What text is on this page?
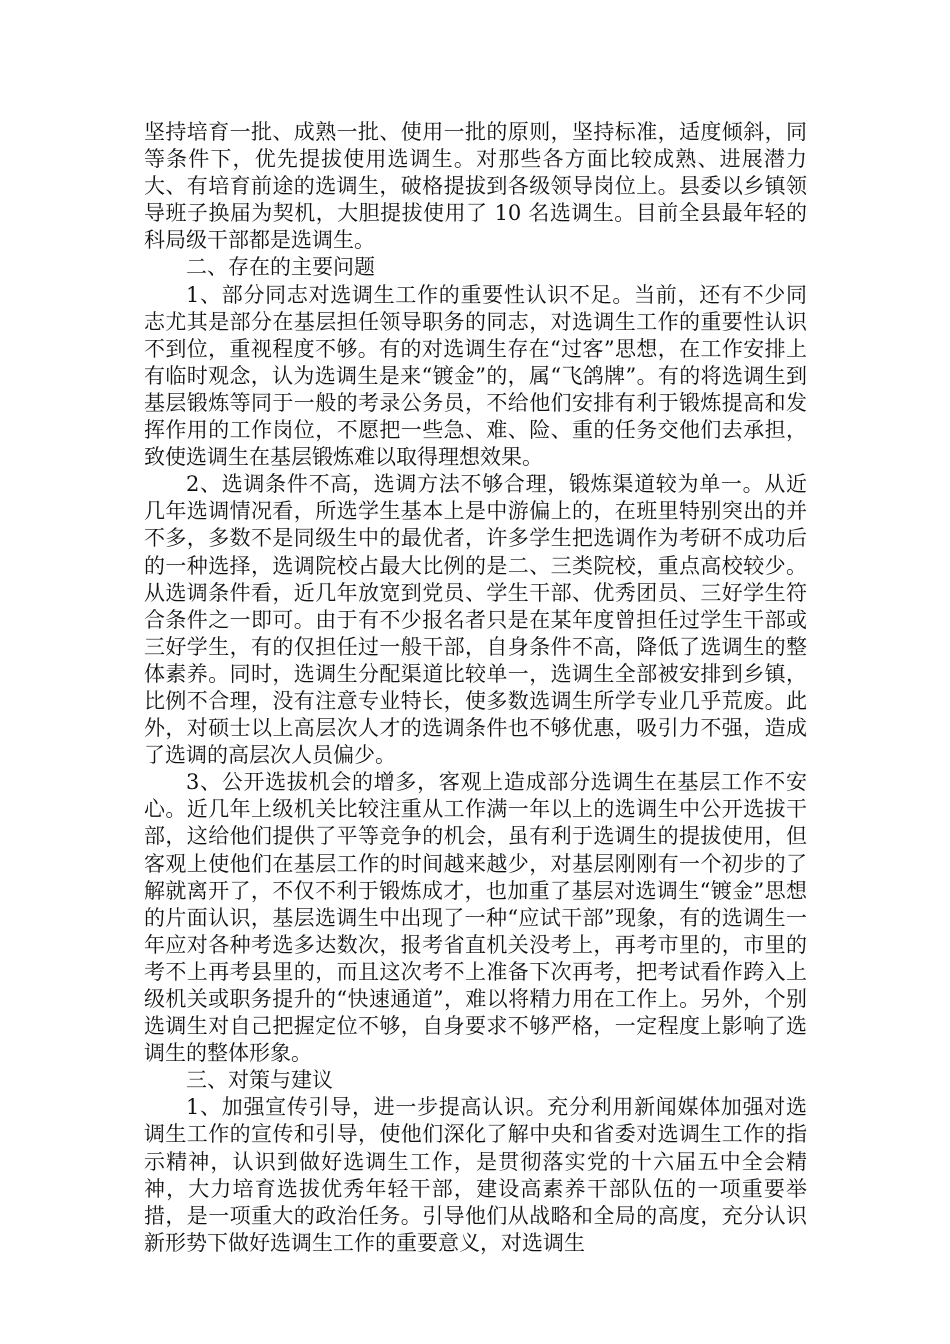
坚持培育一批、成熟一批、使用一批的原则，坚持标准，适度倾斜，同等条件下，优先提拔使用选调生。对那些各方面比较成熟、进展潜力大、有培育前途的选调生，破格提拔到各级领导岗位上。县委以乡镇领导班子换届为契机，大胆提拔使用了 10 名选调生。目前全县最年轻的科局级干部都是选调生。

二、存在的主要问题

1、部分同志对选调生工作的重要性认识不足。当前，还有不少同志尤其是部分在基层担任领导职务的同志，对选调生工作的重要性认识不到位，重视程度不够。有的对选调生存在“过客”思想，在工作安排上有临时观念，认为选调生是来“镀金”的，属“飞鸽牌”。有的将选调生到基层锻炼等同于一般的考录公务员，不给他们安排有利于锻炼提高和发挥作用的工作岗位，不愿把一些急、难、险、重的任务交他们去承担，致使选调生在基层锻炼难以取得理想效果。

2、选调条件不高，选调方法不够合理，锻炼渠道较为单一。从近几年选调情况看，所选学生基本上是中游偏上的，在班里特别突出的并不多，多数不是同级生中的最优者，许多学生把选调作为考研不成功后的一种选择，选调院校占最大比例的是二、三类院校，重点高校较少。从选调条件看，近几年放宽到党员、学生干部、优秀团员、三好学生符合条件之一即可。由于有不少报名者只是在某年度曾担任过学生干部或三好学生，有的仅担任过一般干部，自身条件不高，降低了选调生的整体素养。同时，选调生分配渠道比较单一，选调生全部被安排到乡镇，比例不合理，没有注意专业特长，使多数选调生所学专业几乎荒废。此外，对硕士以上高层次人才的选调条件也不够优惠，吸引力不强，造成了选调的高层次人员偏少。

3、公开选拔机会的增多，客观上造成部分选调生在基层工作不安心。近几年上级机关比较注重从工作满一年以上的选调生中公开选拔干部，这给他们提供了平等竞争的机会，虽有利于选调生的提拔使用，但客观上使他们在基层工作的时间越来越少，对基层刚刚有一个初步的了解就离开了，不仅不利于锻炼成才，也加重了基层对选调生“镀金”思想的片面认识，基层选调生中出现了一种“应试干部”现象，有的选调生一年应对各种考选多达数次，报考省直机关没考上，再考市里的，市里的考不上再考县里的，而且这次考不上准备下次再考，把考试看作跨入上级机关或职务提升的“快速通道”，难以将精力用在工作上。另外，个别选调生对自己把握定位不够，自身要求不够严格，一定程度上影响了选调生的整体形象。

三、对策与建议

1、加强宣传引导，进一步提高认识。充分利用新闻媒体加强对选调生工作的宣传和引导，使他们深化了解中央和省委对选调生工作的指示精神，认识到做好选调生工作，是贯彻落实党的十六届五中全会精神，大力培育选拔优秀年轻干部，建设高素养干部队伍的一项重要举措，是一项重大的政治任务。引导他们从战略和全局的高度，充分认识新形势下做好选调生工作的重要意义，对选调生
